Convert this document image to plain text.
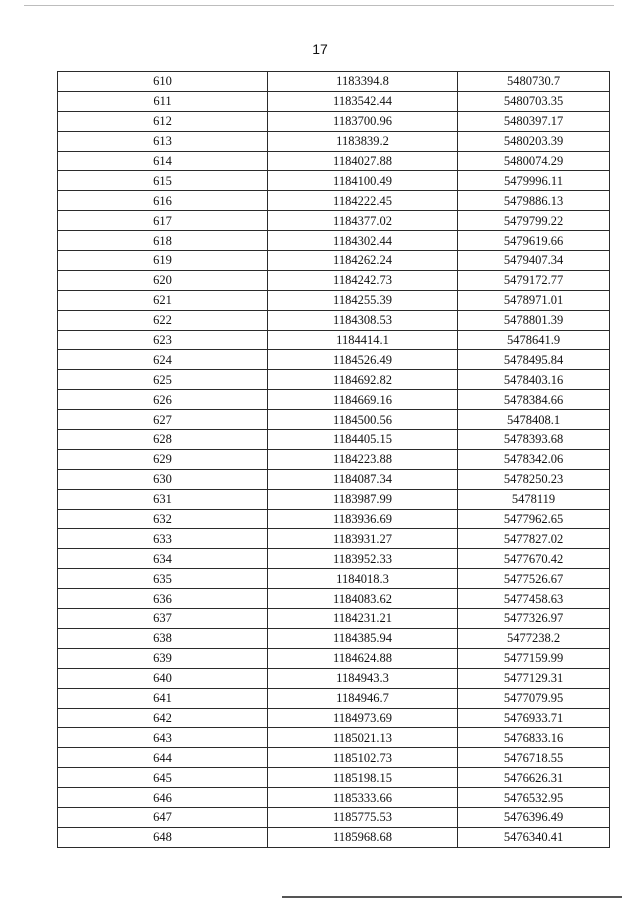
17
610	1183394.8	5480730.7
611	1183542.44	5480703.35
612	1183700.96	5480397.17
613	1183839.2	5480203.39
614	1184027.88	5480074.29
615	1184100.49	5479996.11
616	1184222.45	5479886.13
617	1184377.02	5479799.22
618	1184302.44	5479619.66
619	1184262.24	5479407.34
620	1184242.73	5479172.77
621	1184255.39	5478971.01
622	1184308.53	5478801.39
623	1184414.1	5478641.9
624	1184526.49	5478495.84
625	1184692.82	5478403.16
626	1184669.16	5478384.66
627	1184500.56	5478408.1
628	1184405.15	5478393.68
629	1184223.88	5478342.06
630	1184087.34	5478250.23
631	1183987.99	5478119
632	1183936.69	5477962.65
633	1183931.27	5477827.02
634	1183952.33	5477670.42
635	1184018.3	5477526.67
636	1184083.62	5477458.63
637	1184231.21	5477326.97
638	1184385.94	5477238.2
639	1184624.88	5477159.99
640	1184943.3	5477129.31
641	1184946.7	5477079.95
642	1184973.69	5476933.71
643	1185021.13	5476833.16
644	1185102.73	5476718.55
645	1185198.15	5476626.31
646	1185333.66	5476532.95
647	1185775.53	5476396.49
648	1185968.68	5476340.41
